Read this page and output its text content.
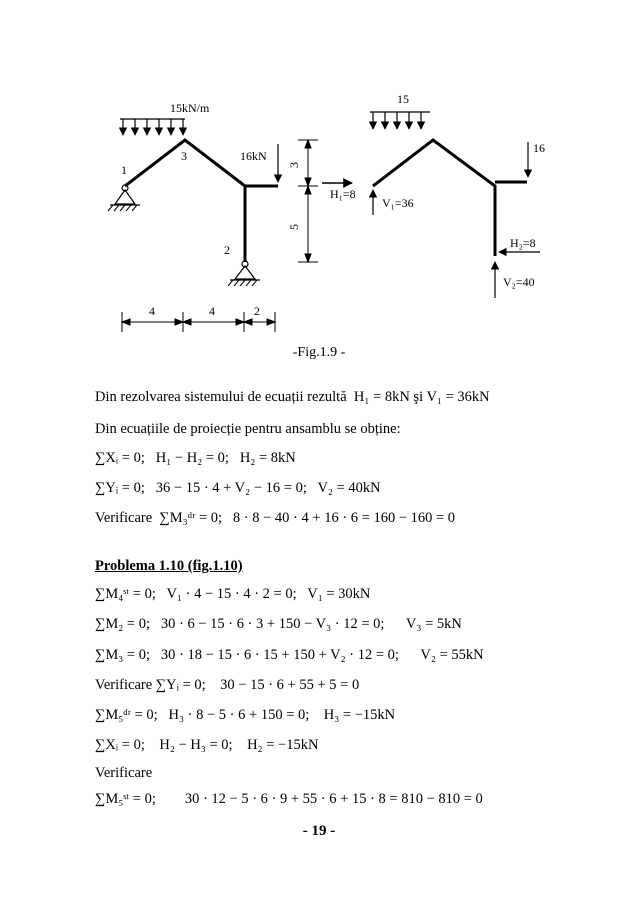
15kN/m
1
3
2
16kN
3
5
4	4	2
15
16
H₁=8
V₁=36
H₂=8
V₂=40
-Fig.1.9 -
Din rezolvarea sistemului de ecuații rezultă  H₁ = 8kN şi V₁ = 36kN
Din ecuațiile de proiecție pentru ansamblu se obține:
∑Xᵢ = 0;   H₁ − H₂ = 0;   H₂ = 8kN
∑Yᵢ = 0;   36 − 15 · 4 + V₂ − 16 = 0;   V₂ = 40kN
Verificare  ∑M₃ᵈʳ = 0;   8 · 8 − 40 · 4 + 16 · 6 = 160 − 160 = 0
Problema 1.10 (fig.1.10)
∑M₄ˢᵗ = 0;   V₁ · 4 − 15 · 4 · 2 = 0;   V₁ = 30kN
∑M₂ = 0;   30 · 6 − 15 · 6 · 3 + 150 − V₃ · 12 = 0;      V₃ = 5kN
∑M₃ = 0;   30 · 18 − 15 · 6 · 15 + 150 + V₂ · 12 = 0;      V₂ = 55kN
Verificare ∑Yᵢ = 0;    30 − 15 · 6 + 55 + 5 = 0
∑M₅ᵈʳ = 0;   H₃ · 8 − 5 · 6 + 150 = 0;    H₃ = −15kN
∑Xᵢ = 0;    H₂ − H₃ = 0;    H₂ = −15kN
Verificare
∑M₅ˢᵗ = 0;        30 · 12 − 5 · 6 · 9 + 55 · 6 + 15 · 8 = 810 − 810 = 0
- 19 -
